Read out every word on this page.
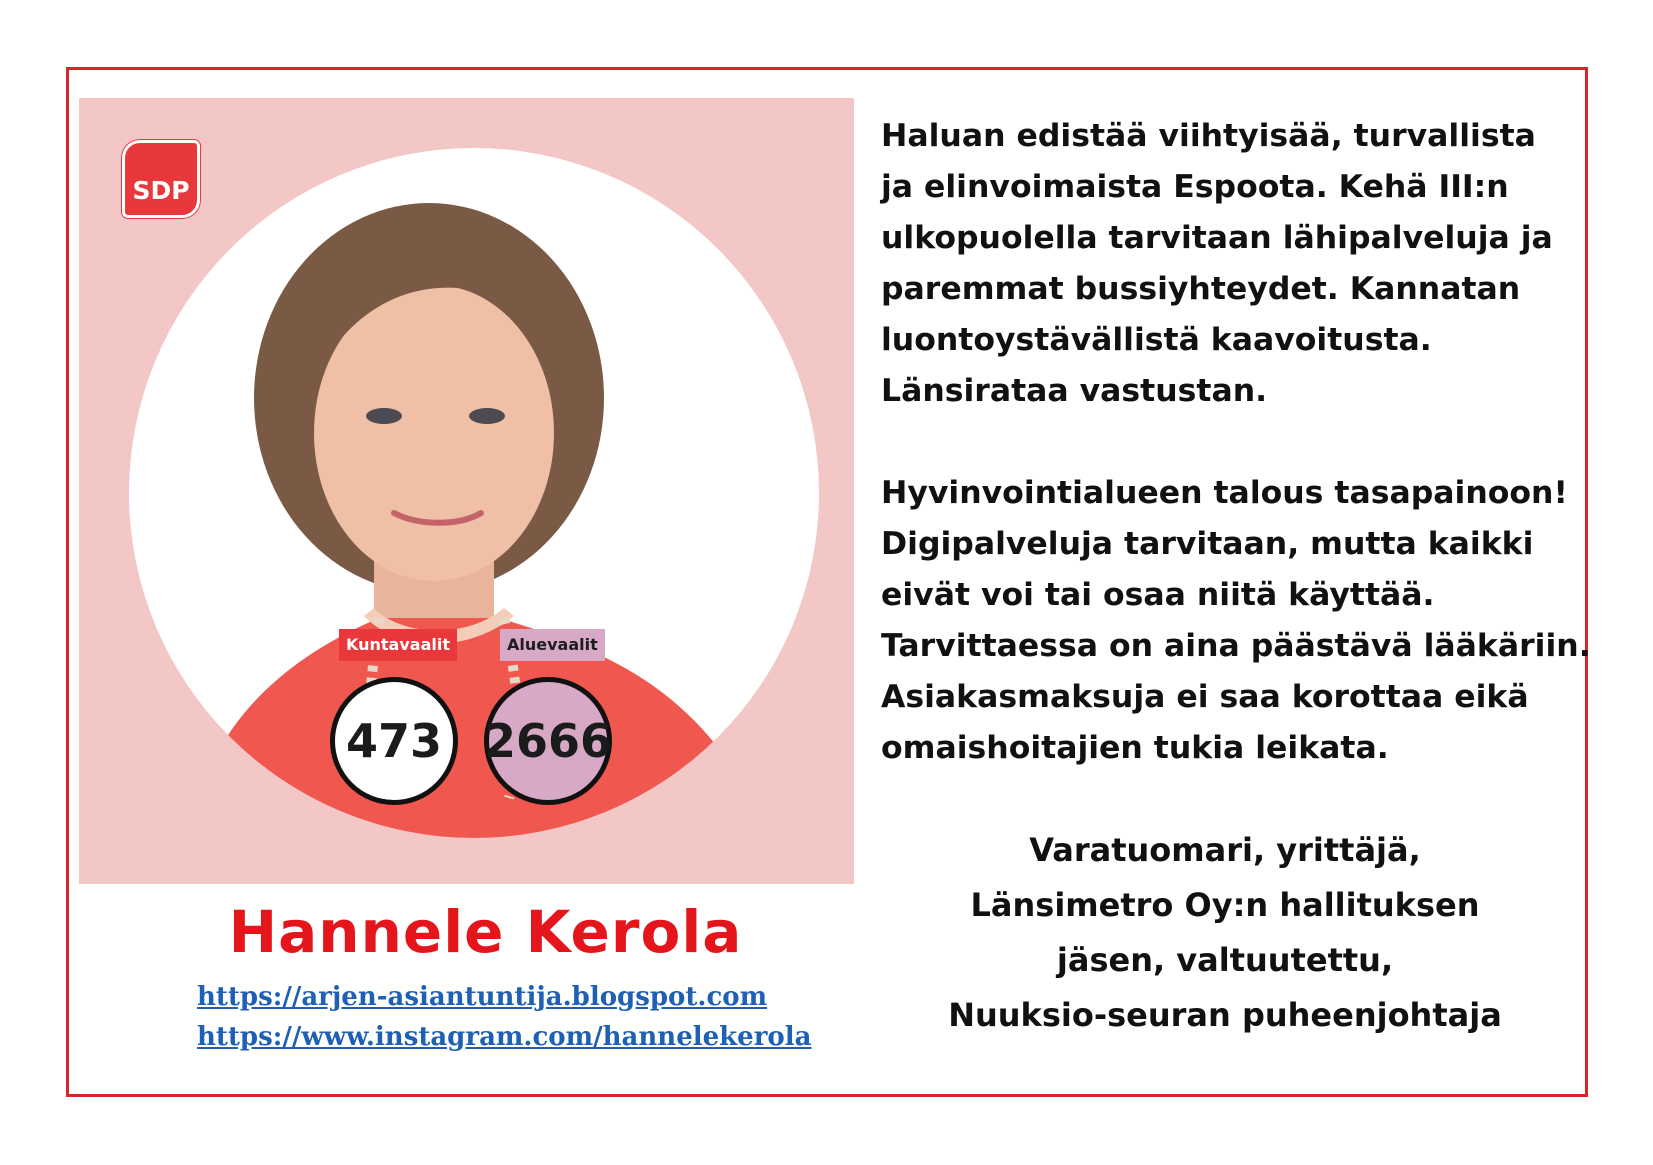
SDP
Kuntavaalit	Aluevaalit
473 2666
Hannele Kerola
https://arjen-asiantuntija.blogspot.com
https://www.instagram.com/hannelekerola
Haluan edistää viihtyisää, turvallista
ja elinvoimaista Espoota. Kehä III:n
ulkopuolella tarvitaan lähipalveluja ja
paremmat bussiyhteydet. Kannatan
luontoystävällistä kaavoitusta.
Länsirataa vastustan.
Hyvinvointialueen talous tasapainoon!
Digipalveluja tarvitaan, mutta kaikki
eivät voi tai osaa niitä käyttää.
Tarvittaessa on aina päästävä lääkäriin.
Asiakasmaksuja ei saa korottaa eikä
omaishoitajien tukia leikata.
Varatuomari, yrittäjä,
Länsimetro Oy:n hallituksen
jäsen, valtuutettu,
Nuuksio-seuran puheenjohtaja
